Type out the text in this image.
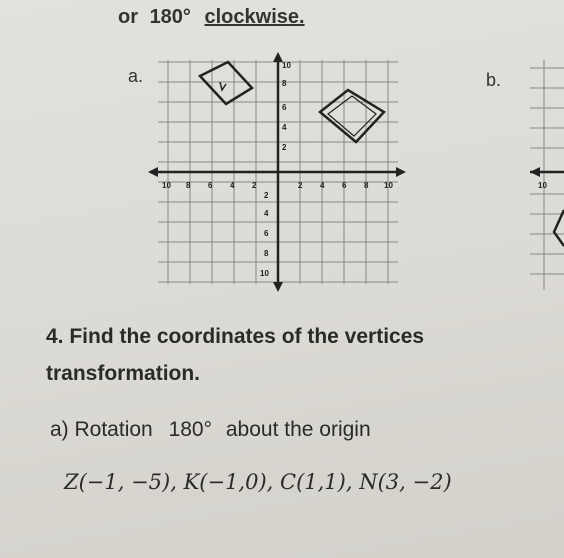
or 180° clockwise.
a.
10 8 6 4 2	2 4 6 8 10
10
8
6
4
2
2
4
6
8
10
b.
10
4. Find the coordinates of the vertices
transformation.
a) Rotation 180° about the origin
Z(−1, −5), K(−1,0), C(1,1), N(3, −2)
